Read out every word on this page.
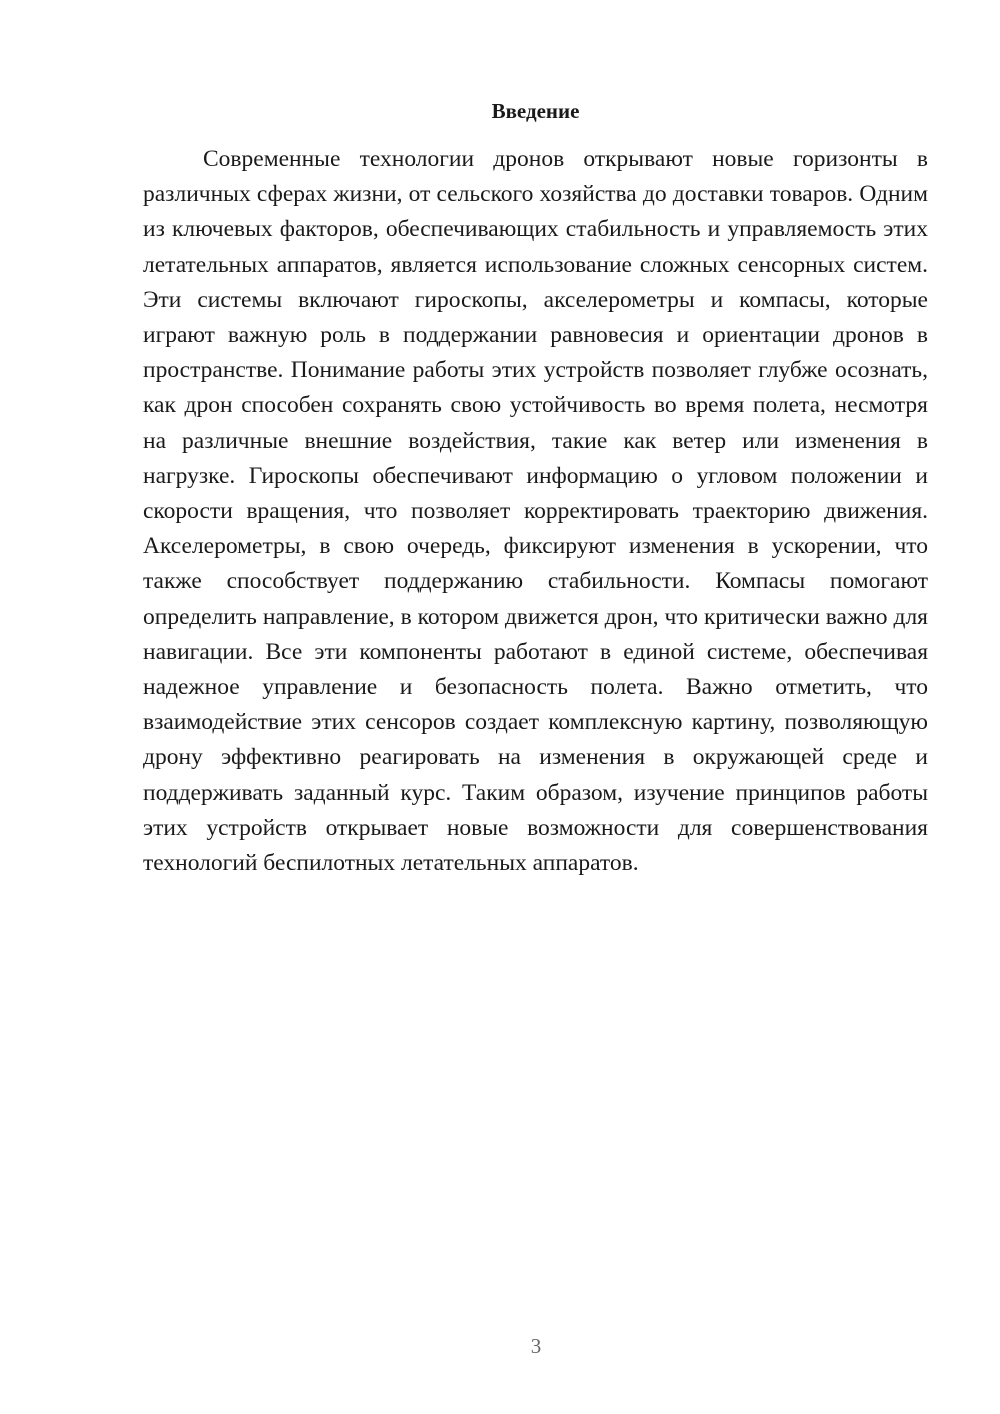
Введение

Современные технологии дронов открывают новые горизонты в различных сферах жизни, от сельского хозяйства до доставки товаров. Одним из ключевых факторов, обеспечивающих стабильность и управляемость этих летательных аппаратов, является использование сложных сенсорных систем. Эти системы включают гироскопы, акселерометры и компасы, которые играют важную роль в поддержании равновесия и ориентации дронов в пространстве. Понимание работы этих устройств позволяет глубже осознать, как дрон способен сохранять свою устойчивость во время полета, несмотря на различные внешние воздействия, такие как ветер или изменения в нагрузке. Гироскопы обеспечивают информацию о угловом положении и скорости вращения, что позволяет корректировать траекторию движения. Акселерометры, в свою очередь, фиксируют изменения в ускорении, что также способствует поддержанию стабильности. Компасы помогают определить направление, в котором движется дрон, что критически важно для навигации. Все эти компоненты работают в единой системе, обеспечивая надежное управление и безопасность полета. Важно отметить, что взаимодействие этих сенсоров создает комплексную картину, позволяющую дрону эффективно реагировать на изменения в окружающей среде и поддерживать заданный курс. Таким образом, изучение принципов работы этих устройств открывает новые возможности для совершенствования технологий беспилотных летательных аппаратов.

3
